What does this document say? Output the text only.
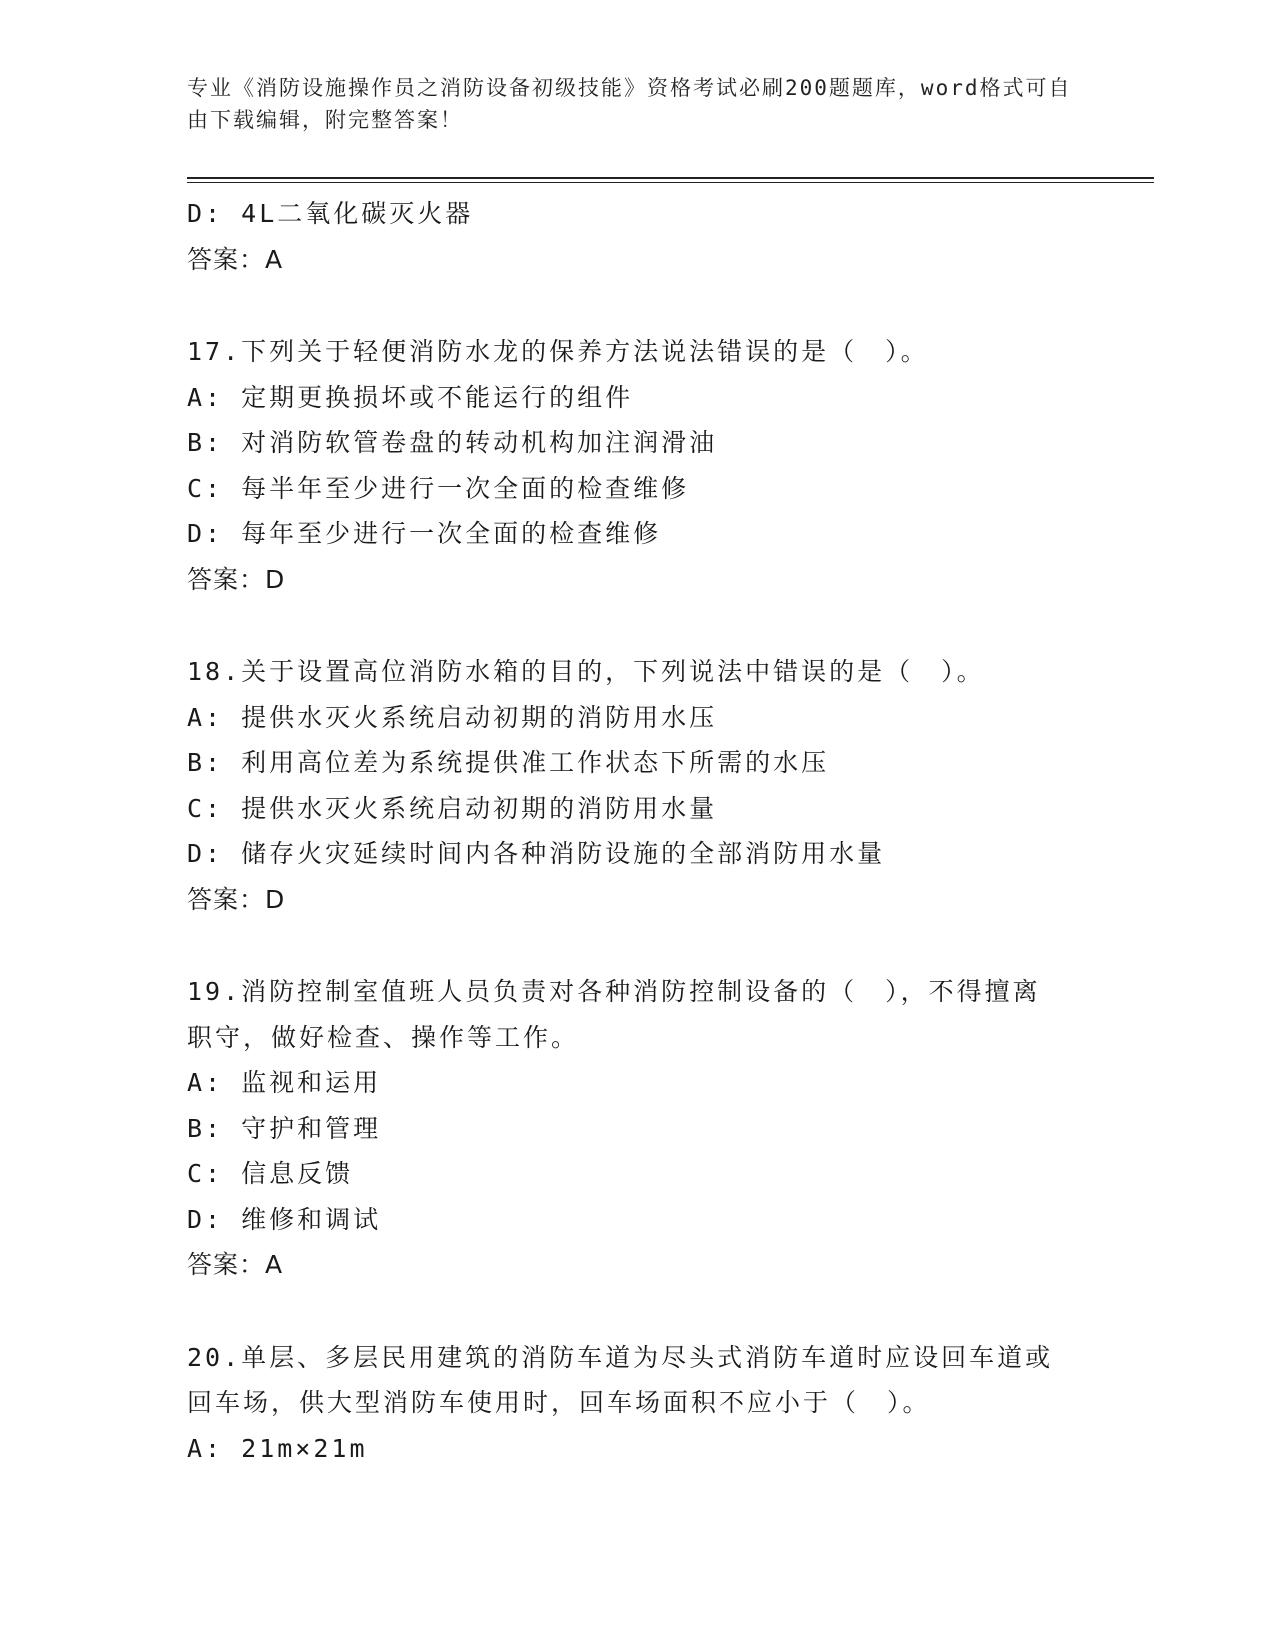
专业《消防设施操作员之消防设备初级技能》资格考试必刷200题题库，word格式可自由下载编辑，附完整答案！
D: 4L二氧化碳灭火器
答案：A
17.下列关于轻便消防水龙的保养方法说法错误的是（　）。
A: 定期更换损坏或不能运行的组件
B: 对消防软管卷盘的转动机构加注润滑油
C: 每半年至少进行一次全面的检查维修
D: 每年至少进行一次全面的检查维修
答案：D
18.关于设置高位消防水箱的目的，下列说法中错误的是（　）。
A: 提供水灭火系统启动初期的消防用水压
B: 利用高位差为系统提供准工作状态下所需的水压
C: 提供水灭火系统启动初期的消防用水量
D: 储存火灾延续时间内各种消防设施的全部消防用水量
答案：D
19.消防控制室值班人员负责对各种消防控制设备的（　），不得擅离职守，做好检查、操作等工作。
A: 监视和运用
B: 守护和管理
C: 信息反馈
D: 维修和调试
答案：A
20.单层、多层民用建筑的消防车道为尽头式消防车道时应设回车道或回车场，供大型消防车使用时，回车场面积不应小于（　）。
A: 21m×21m
